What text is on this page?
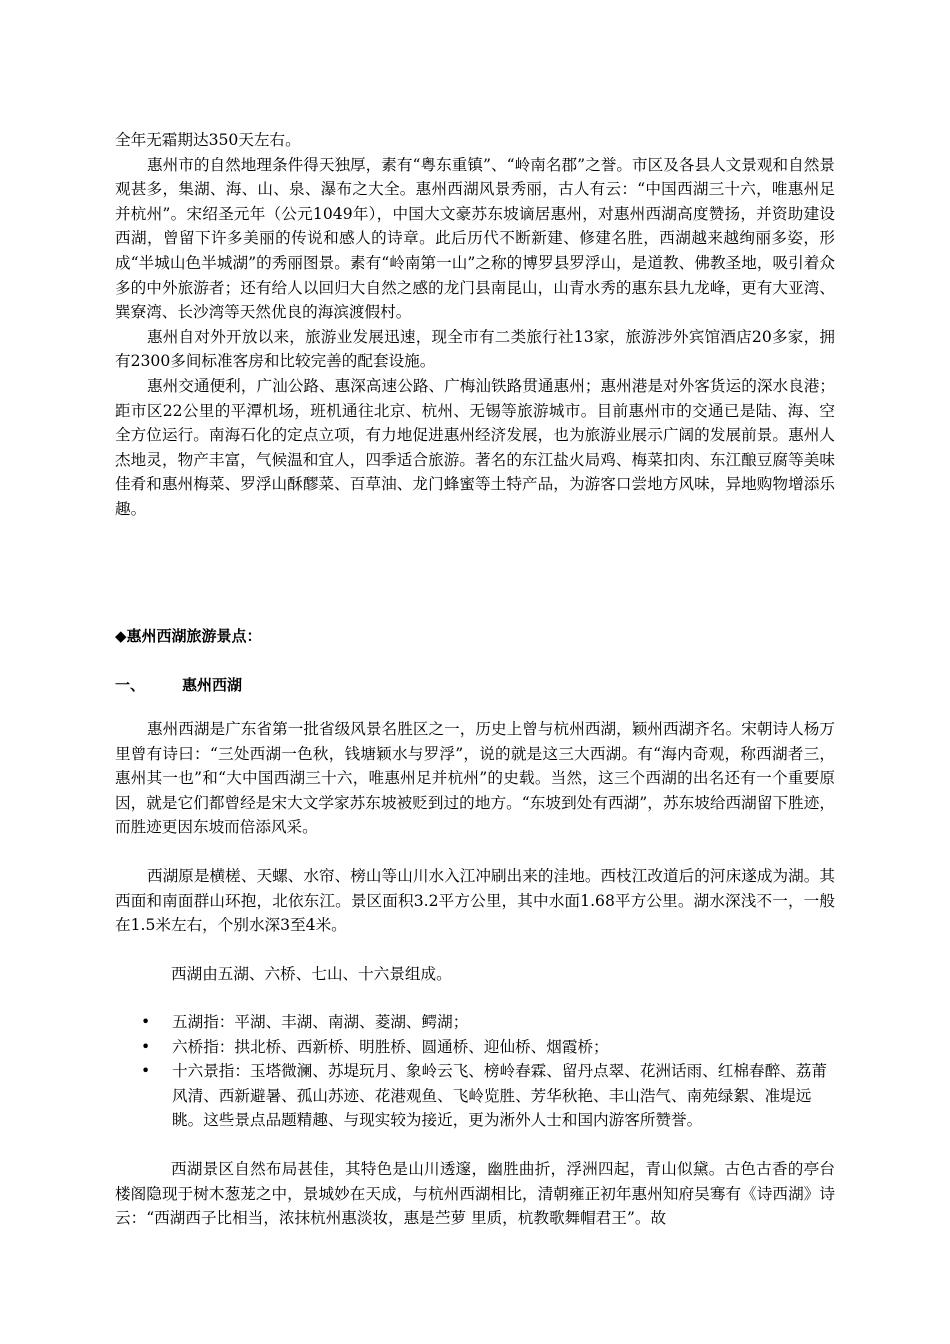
全年无霜期达350天左右。

惠州市的自然地理条件得天独厚，素有“粤东重镇”、“岭南名郡”之誉。市区及各县人文景观和自然景观甚多，集湖、海、山、泉、瀑布之大全。惠州西湖风景秀丽，古人有云：“中国西湖三十六，唯惠州足并杭州”。宋绍圣元年（公元1049年），中国大文豪苏东坡谪居惠州，对惠州西湖高度赞扬，并资助建设西湖，曾留下许多美丽的传说和感人的诗章。此后历代不断新建、修建名胜，西湖越来越绚丽多姿，形成“半城山色半城湖”的秀丽图景。素有“岭南第一山”之称的博罗县罗浮山，是道教、佛教圣地，吸引着众多的中外旅游者；还有给人以回归大自然之感的龙门县南昆山，山青水秀的惠东县九龙峰，更有大亚湾、巽寮湾、长沙湾等天然优良的海滨渡假村。

惠州自对外开放以来，旅游业发展迅速，现全市有二类旅行社13家，旅游涉外宾馆酒店20多家，拥有2300多间标准客房和比较完善的配套设施。

惠州交通便利，广汕公路、惠深高速公路、广梅汕铁路贯通惠州；惠州港是对外客货运的深水良港；距市区22公里的平潭机场，班机通往北京、杭州、无锡等旅游城市。目前惠州市的交通已是陆、海、空全方位运行。南海石化的定点立项，有力地促进惠州经济发展，也为旅游业展示广阔的发展前景。惠州人杰地灵，物产丰富，气候温和宜人，四季适合旅游。著名的东江盐火局鸡、梅菜扣肉、东江酿豆腐等美味佳肴和惠州梅菜、罗浮山酥醪菜、百草油、龙门蜂蜜等土特产品，为游客口尝地方风味，异地购物增添乐趣。

◆惠州西湖旅游景点：
一、 惠州西湖

惠州西湖是广东省第一批省级风景名胜区之一，历史上曾与杭州西湖，颖州西湖齐名。宋朝诗人杨万里曾有诗曰：“三处西湖一色秋，钱塘颖水与罗浮”，说的就是这三大西湖。有“海内奇观，称西湖者三，惠州其一也”和“大中国西湖三十六，唯惠州足并杭州”的史载。当然，这三个西湖的出名还有一个重要原因，就是它们都曾经是宋大文学家苏东坡被贬到过的地方。“东坡到处有西湖”，苏东坡给西湖留下胜迹，而胜迹更因东坡而倍添风采。

西湖原是横槎、天螺、水帘、榜山等山川水入江冲刷出来的洼地。西枝江改道后的河床遂成为湖。其西面和南面群山环抱，北依东江。景区面积3.2平方公里，其中水面1.68平方公里。湖水深浅不一，一般在1.5米左右，个别水深3至4米。

西湖由五湖、六桥、七山、十六景组成。

• 五湖指：平湖、丰湖、南湖、菱湖、鳄湖；
• 六桥指：拱北桥、西新桥、明胜桥、圆通桥、迎仙桥、烟霞桥；
• 十六景指：玉塔微澜、苏堤玩月、象岭云飞、榜岭春霖、留丹点翠、花洲话雨、红棉春醉、荔莆风清、西新避暑、孤山苏迹、花港观鱼、飞岭览胜、芳华秋艳、丰山浩气、南苑绿絮、准堤远眺。这些景点品题精趣、与现实较为接近，更为淅外人士和国内游客所赞誉。

西湖景区自然布局甚佳，其特色是山川透邃，幽胜曲折，浮洲四起，青山似黛。古色古香的亭台楼阁隐现于树木葱茏之中，景城妙在天成，与杭州西湖相比，清朝雍正初年惠州知府吴骞有《诗西湖》诗云：“西湖西子比相当，浓抹杭州惠淡妆，惠是苎萝 里质，杭教歌舞帽君王”。故
